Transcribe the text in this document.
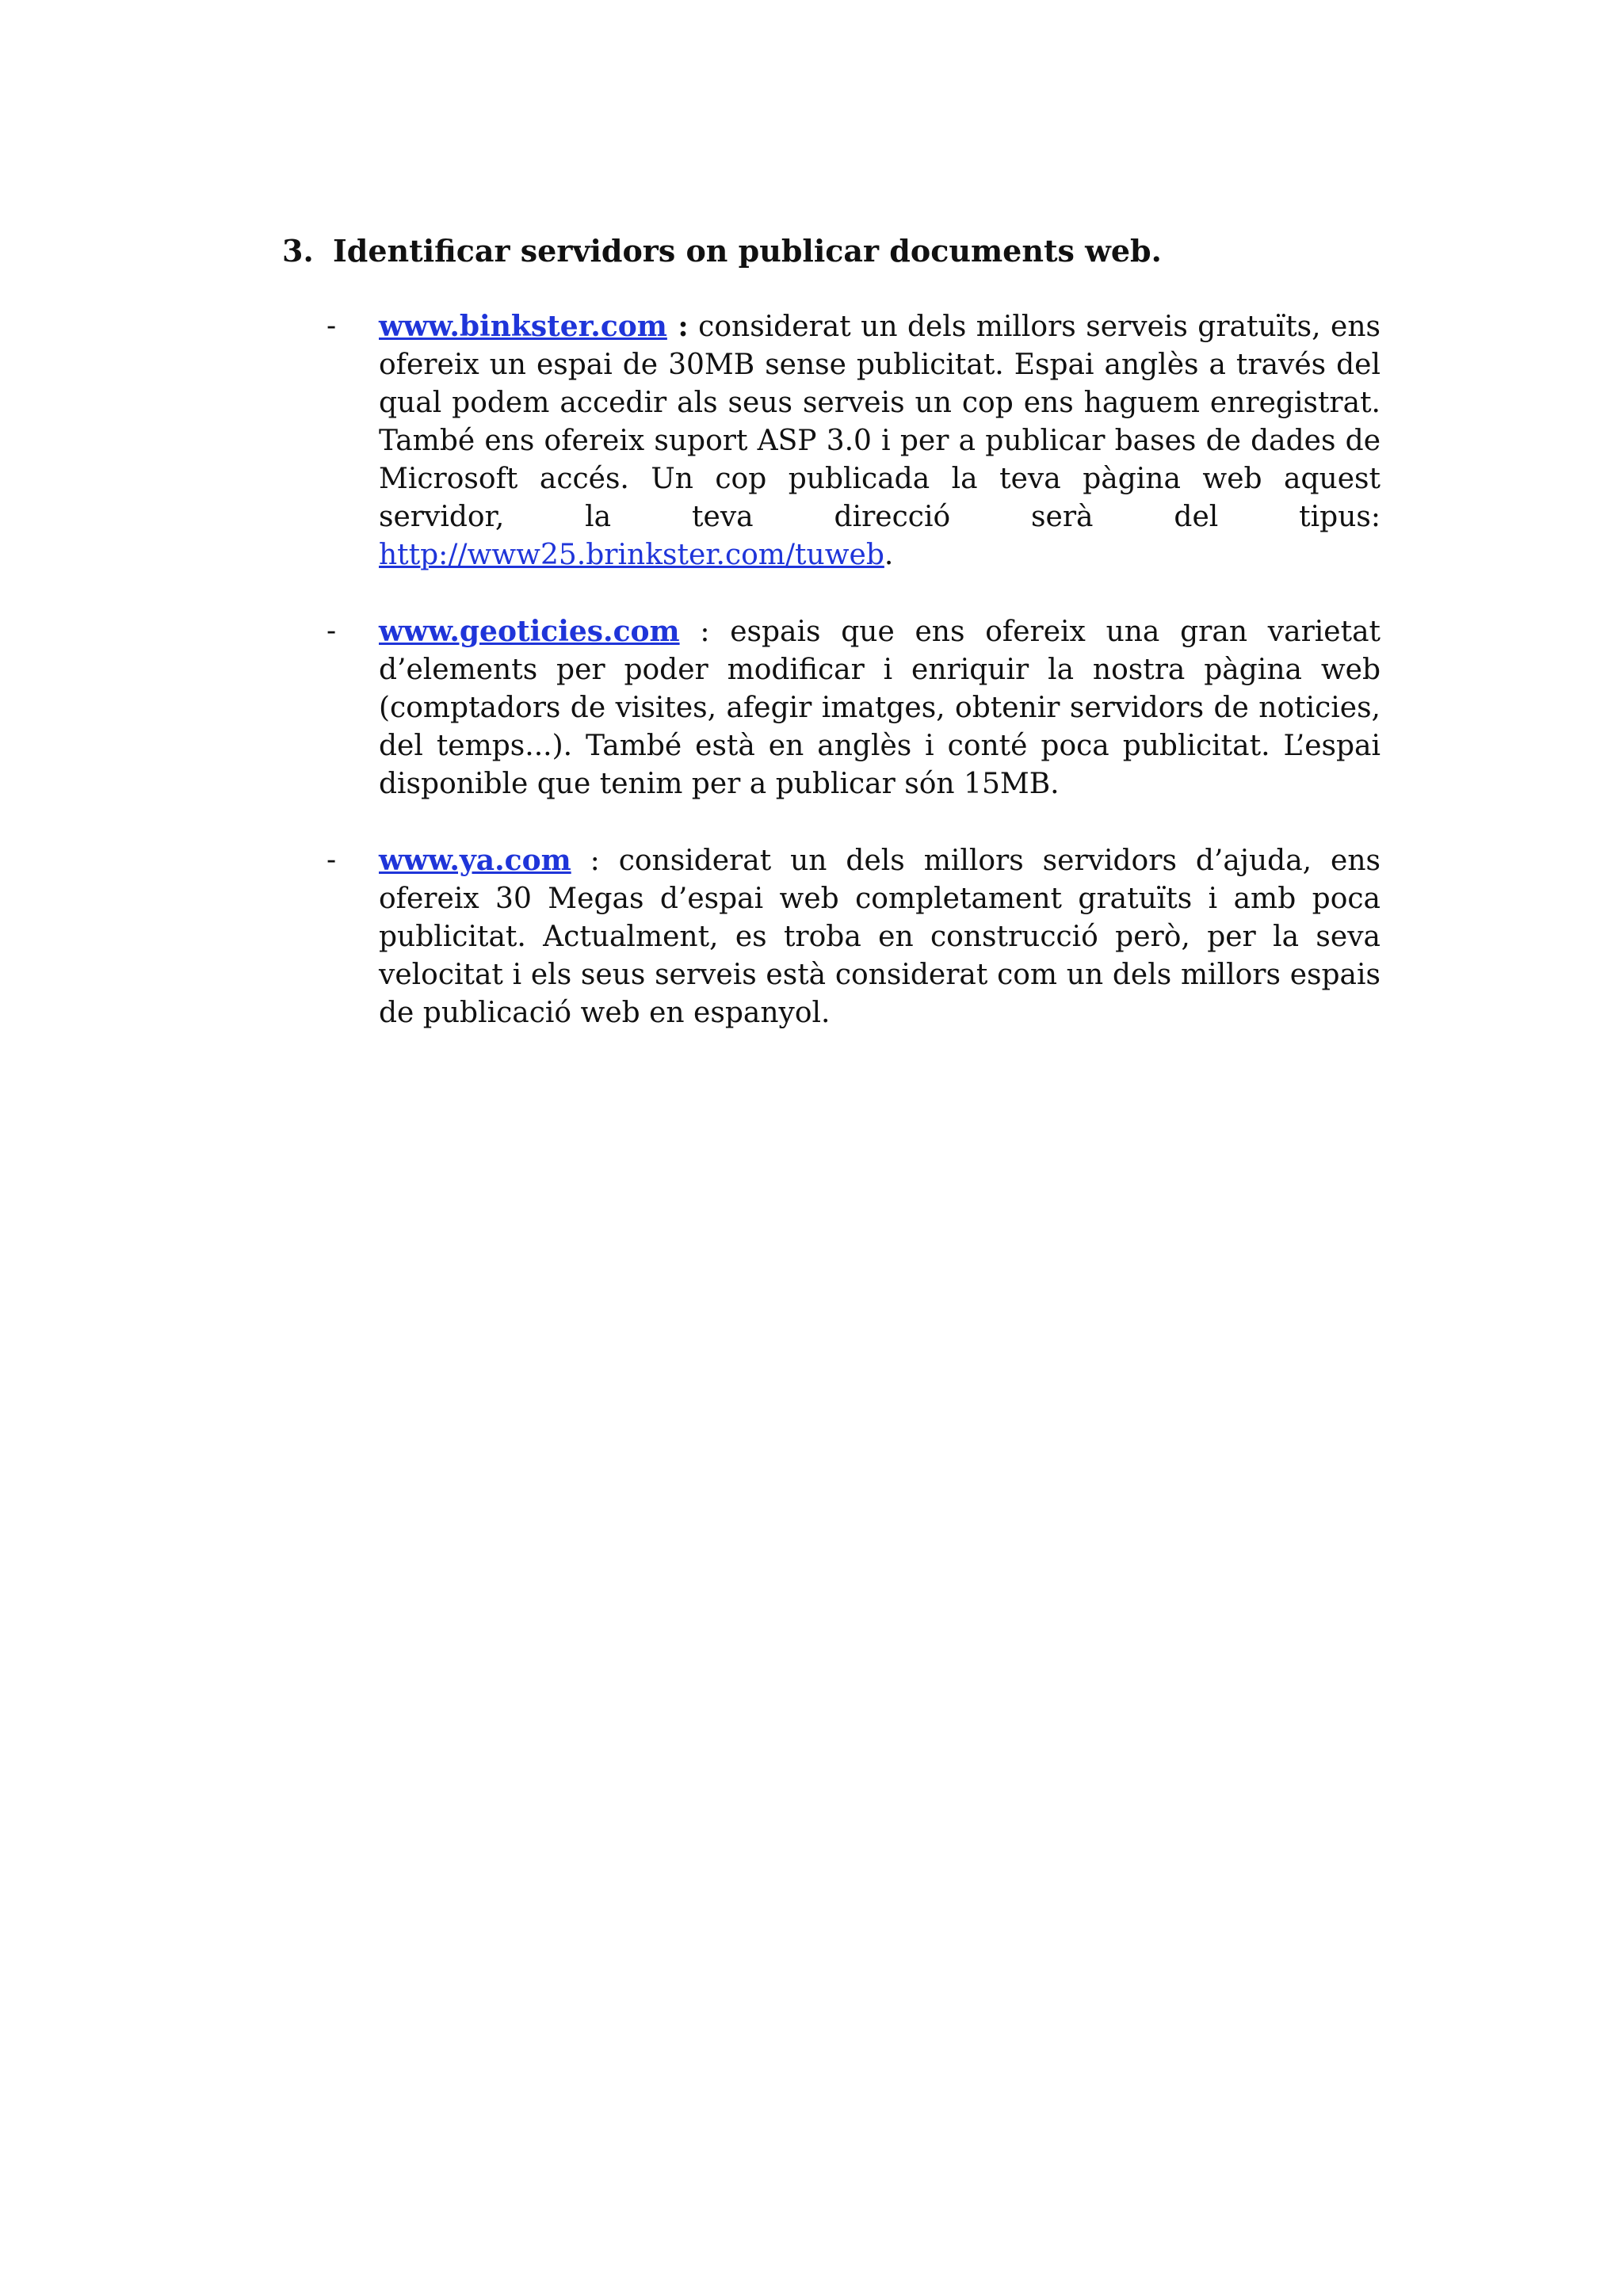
3. Identificar servidors on publicar documents web.
-	www.binkster.com : considerat un dels millors serveis gratuïts, ens ofereix un espai de 30MB sense publicitat. Espai anglès a través del qual podem accedir als seus serveis un cop ens haguem enregistrat. També ens ofereix suport ASP 3.0 i per a publicar bases de dades de Microsoft accés. Un cop publicada la teva pàgina web aquest servidor, la teva direcció serà del tipus: http://www25.brinkster.com/tuweb.
-	www.geoticies.com : espais que ens ofereix una gran varietat d’elements per poder modificar i enriquir la nostra pàgina web (comptadors de visites, afegir imatges, obtenir servidors de noticies, del temps...). També està en anglès i conté poca publicitat. L’espai disponible que tenim per a publicar són 15MB.
-	www.ya.com : considerat un dels millors servidors d’ajuda, ens ofereix 30 Megas d’espai web completament gratuïts i amb poca publicitat. Actualment, es troba en construcció però, per la seva velocitat i els seus serveis està considerat com un dels millors espais de publicació web en espanyol.
